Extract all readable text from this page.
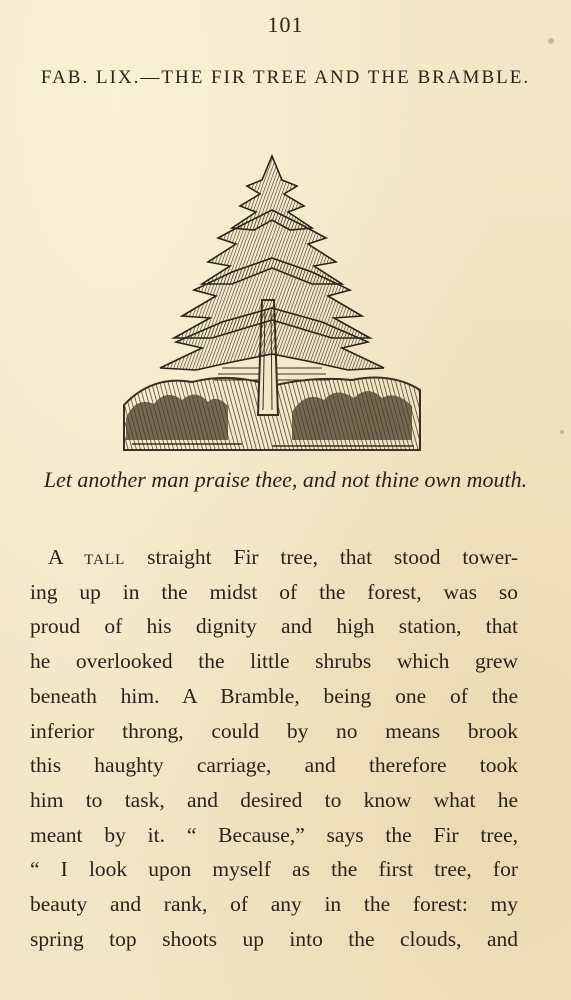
101
FAB. LIX.—THE FIR TREE AND THE BRAMBLE.
Let another man praise thee, and not thine own mouth.
A tall straight Fir tree, that stood tower-
ing up in the midst of the forest, was so
proud of his dignity and high station, that
he overlooked the little shrubs which grew
beneath him. A Bramble, being one of the
inferior throng, could by no means brook
this haughty carriage, and therefore took
him to task, and desired to know what he
meant by it. “ Because,” says the Fir tree,
“ I look upon myself as the first tree, for
beauty and rank, of any in the forest: my
spring top shoots up into the clouds, and
